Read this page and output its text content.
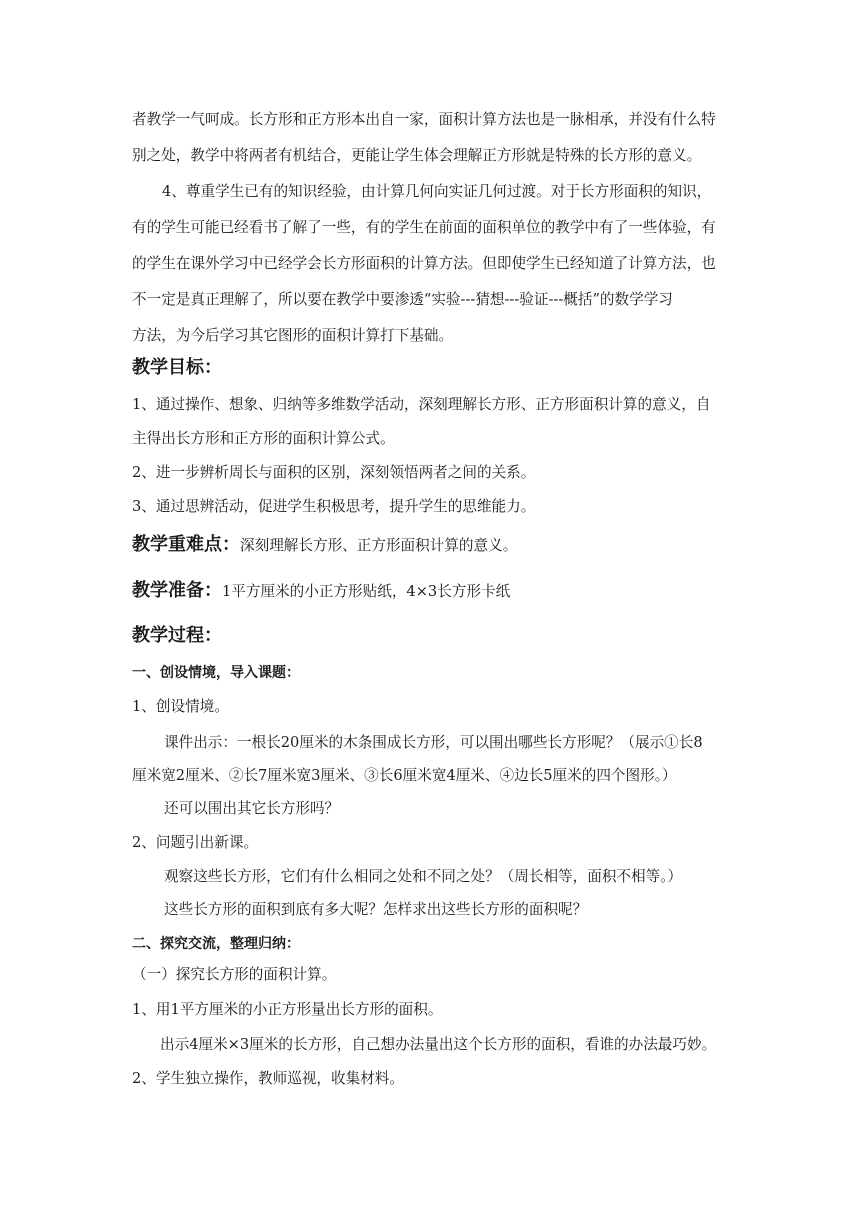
者教学一气呵成。长方形和正方形本出自一家，面积计算方法也是一脉相承，并没有什么特

别之处，教学中将两者有机结合，更能让学生体会理解正方形就是特殊的长方形的意义。

4、尊重学生已有的知识经验，由计算几何向实证几何过渡。对于长方形面积的知识，

有的学生可能已经看书了解了一些，有的学生在前面的面积单位的教学中有了一些体验，有

的学生在课外学习中已经学会长方形面积的计算方法。但即使学生已经知道了计算方法，也

不一定是真正理解了，所以要在教学中要渗透“实验---猜想---验证---概括”的数学学习

方法，为今后学习其它图形的面积计算打下基础。

教学目标：

1、通过操作、想象、归纳等多维数学活动，深刻理解长方形、正方形面积计算的意义，自

主得出长方形和正方形的面积计算公式。

2、进一步辨析周长与面积的区别，深刻领悟两者之间的关系。

3、通过思辨活动，促进学生积极思考，提升学生的思维能力。

教学重难点：深刻理解长方形、正方形面积计算的意义。
教学准备：1平方厘米的小正方形贴纸，4×3长方形卡纸
教学过程：

一、创设情境，导入课题：

1、创设情境。

课件出示：一根长20厘米的木条围成长方形，可以围出哪些长方形呢？（展示①长8

厘米宽2厘米、②长7厘米宽3厘米、③长6厘米宽4厘米、④边长5厘米的四个图形。）

还可以围出其它长方形吗？

2、问题引出新课。

观察这些长方形，它们有什么相同之处和不同之处？（周长相等，面积不相等。）

这些长方形的面积到底有多大呢？怎样求出这些长方形的面积呢？

二、探究交流，整理归纳：

（一）探究长方形的面积计算。

1、用1平方厘米的小正方形量出长方形的面积。

出示4厘米×3厘米的长方形，自己想办法量出这个长方形的面积，看谁的办法最巧妙。

2、学生独立操作，教师巡视，收集材料。
